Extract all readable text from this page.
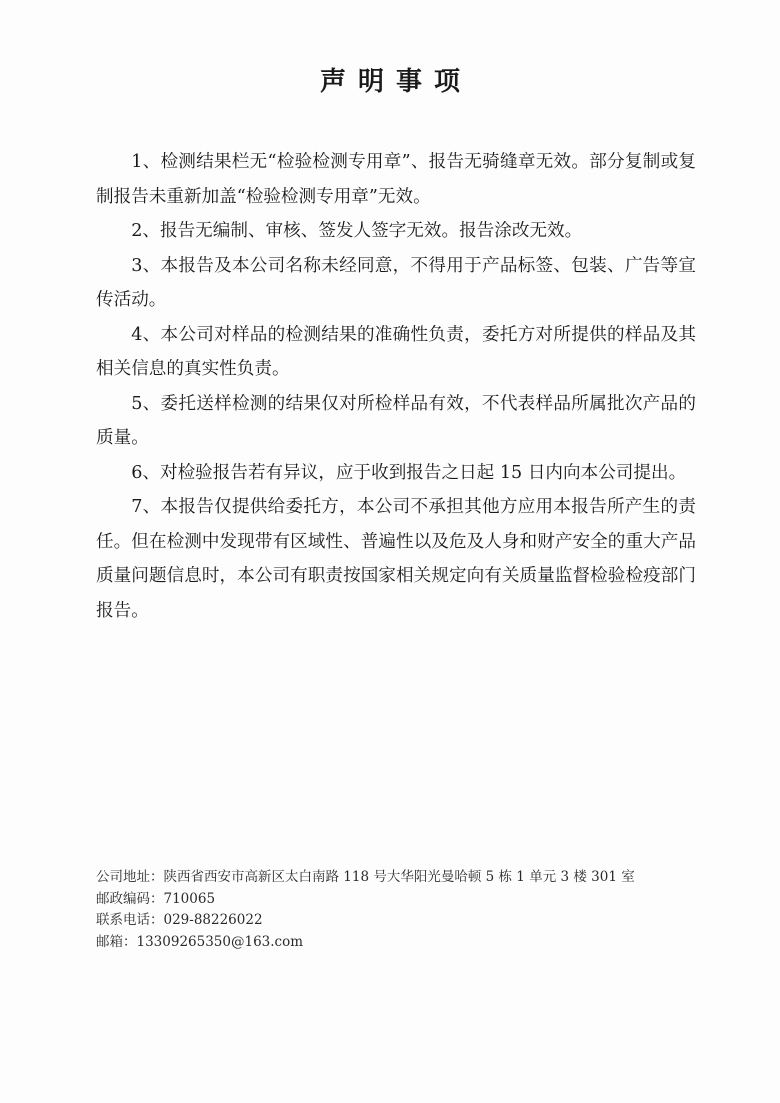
声明事项

1、检测结果栏无“检验检测专用章”、报告无骑缝章无效。部分复制或复制报告未重新加盖“检验检测专用章”无效。

2、报告无编制、审核、签发人签字无效。报告涂改无效。

3、本报告及本公司名称未经同意，不得用于产品标签、包装、广告等宣传活动。

4、本公司对样品的检测结果的准确性负责，委托方对所提供的样品及其相关信息的真实性负责。

5、委托送样检测的结果仅对所检样品有效，不代表样品所属批次产品的质量。

6、对检验报告若有异议，应于收到报告之日起 15 日内向本公司提出。

7、本报告仅提供给委托方，本公司不承担其他方应用本报告所产生的责任。但在检测中发现带有区域性、普遍性以及危及人身和财产安全的重大产品质量问题信息时，本公司有职责按国家相关规定向有关质量监督检验检疫部门报告。

公司地址：陕西省西安市高新区太白南路 118 号大华阳光曼哈顿 5 栋 1 单元 3 楼 301 室
邮政编码：710065
联系电话：029-88226022
邮箱：13309265350@163.com
